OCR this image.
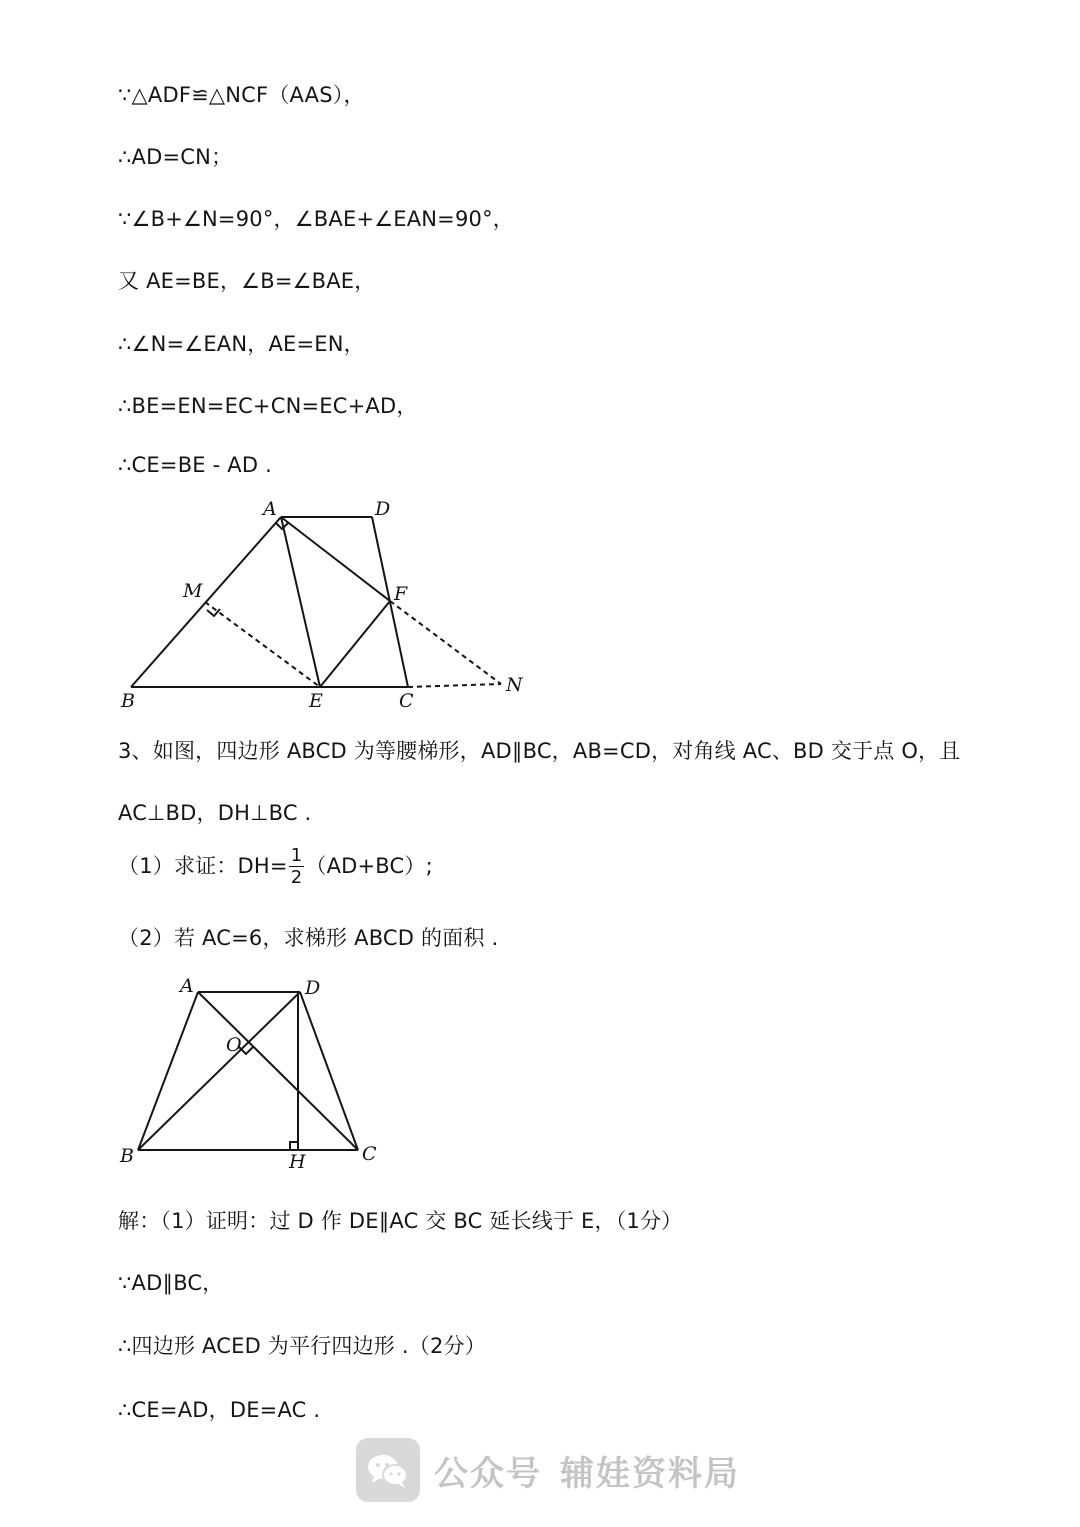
∵△ADF≌△NCF（AAS），
∴AD=CN；
∵∠B+∠N=90°，∠BAE+∠EAN=90°，
又 AE=BE，∠B=∠BAE，
∴∠N=∠EAN，AE=EN，
∴BE=EN=EC+CN=EC+AD，
∴CE=BE - AD .
A	D
M	F
B	E	C
N
3、如图，四边形 ABCD 为等腰梯形，AD∥BC，AB=CD，对角线 AC、BD 交于点 O，且
AC⊥BD，DH⊥BC .
（1）求证：$DH= \frac{1}{2} (AD+BC)$;
（2）若 AC=6，求梯形 ABCD 的面积 .
A	D
O
B	H	C
解：（1）证明：过 D 作 DE∥AC 交 BC 延长线于 E，（1分）
∵AD∥BC，
∴四边形 ACED 为平行四边形 .（2分）
∴CE=AD，DE=AC .
公众号 辅娃资料局
